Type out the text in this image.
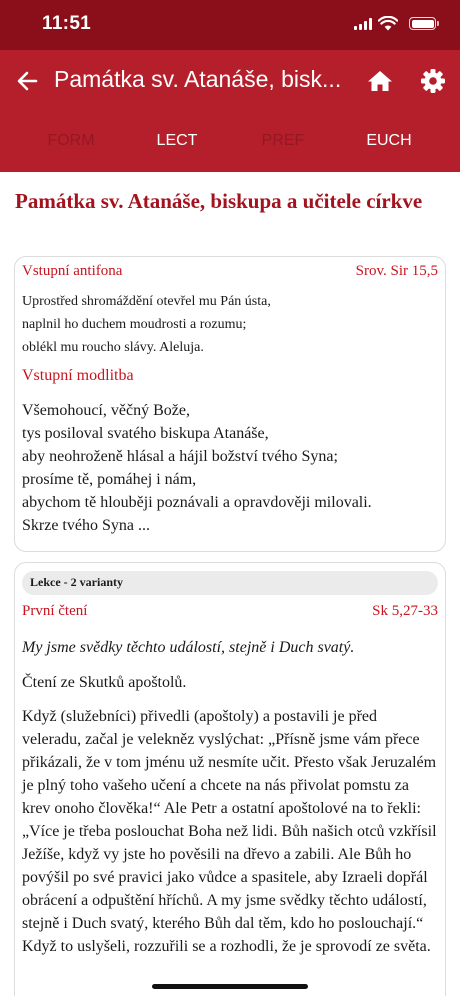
11:51
Památka sv. Atanáše, bisk...
FORM	LECT	PREF	EUCH
Památka sv. Atanáše, biskupa a učitele církve
Vstupní antifona	Srov. Sir 15,5
Uprostřed shromáždění otevřel mu Pán ústa,
naplnil ho duchem moudrosti a rozumu;
oblékl mu roucho slávy. Aleluja.
Vstupní modlitba
Všemohoucí, věčný Bože,
tys posiloval svatého biskupa Atanáše,
aby neohroženě hlásal a hájil božství tvého Syna;
prosíme tě, pomáhej i nám,
abychom tě hlouběji poznávali a opravdověji milovali.
Skrze tvého Syna ...
Lekce - 2 varianty
První čtení	Sk 5,27-33
My jsme svědky těchto událostí, stejně i Duch svatý.
Čtení ze Skutků apoštolů.
Když (služebníci) přivedli (apoštoly) a postavili je před veleradu, začal je velekněz vyslýchat: „Přísně jsme vám přece přikázali, že v tom jménu už nesmíte učit. Přesto však Jeruzalém je plný toho vašeho učení a chcete na nás přivolat pomstu za krev onoho člověka!“ Ale Petr a ostatní apoštolové na to řekli: „Více je třeba poslouchat Boha než lidi. Bůh našich otců vzkřísil Ježíše, když vy jste ho pověsili na dřevo a zabili. Ale Bůh ho povýšil po své pravici jako vůdce a spasitele, aby Izraeli dopřál obrácení a odpuštění hříchů. A my jsme svědky těchto událostí, stejně i Duch svatý, kterého Bůh dal těm, kdo ho poslouchají.“ Když to uslyšeli, rozzuřili se a rozhodli, že je sprovodí ze světa.
